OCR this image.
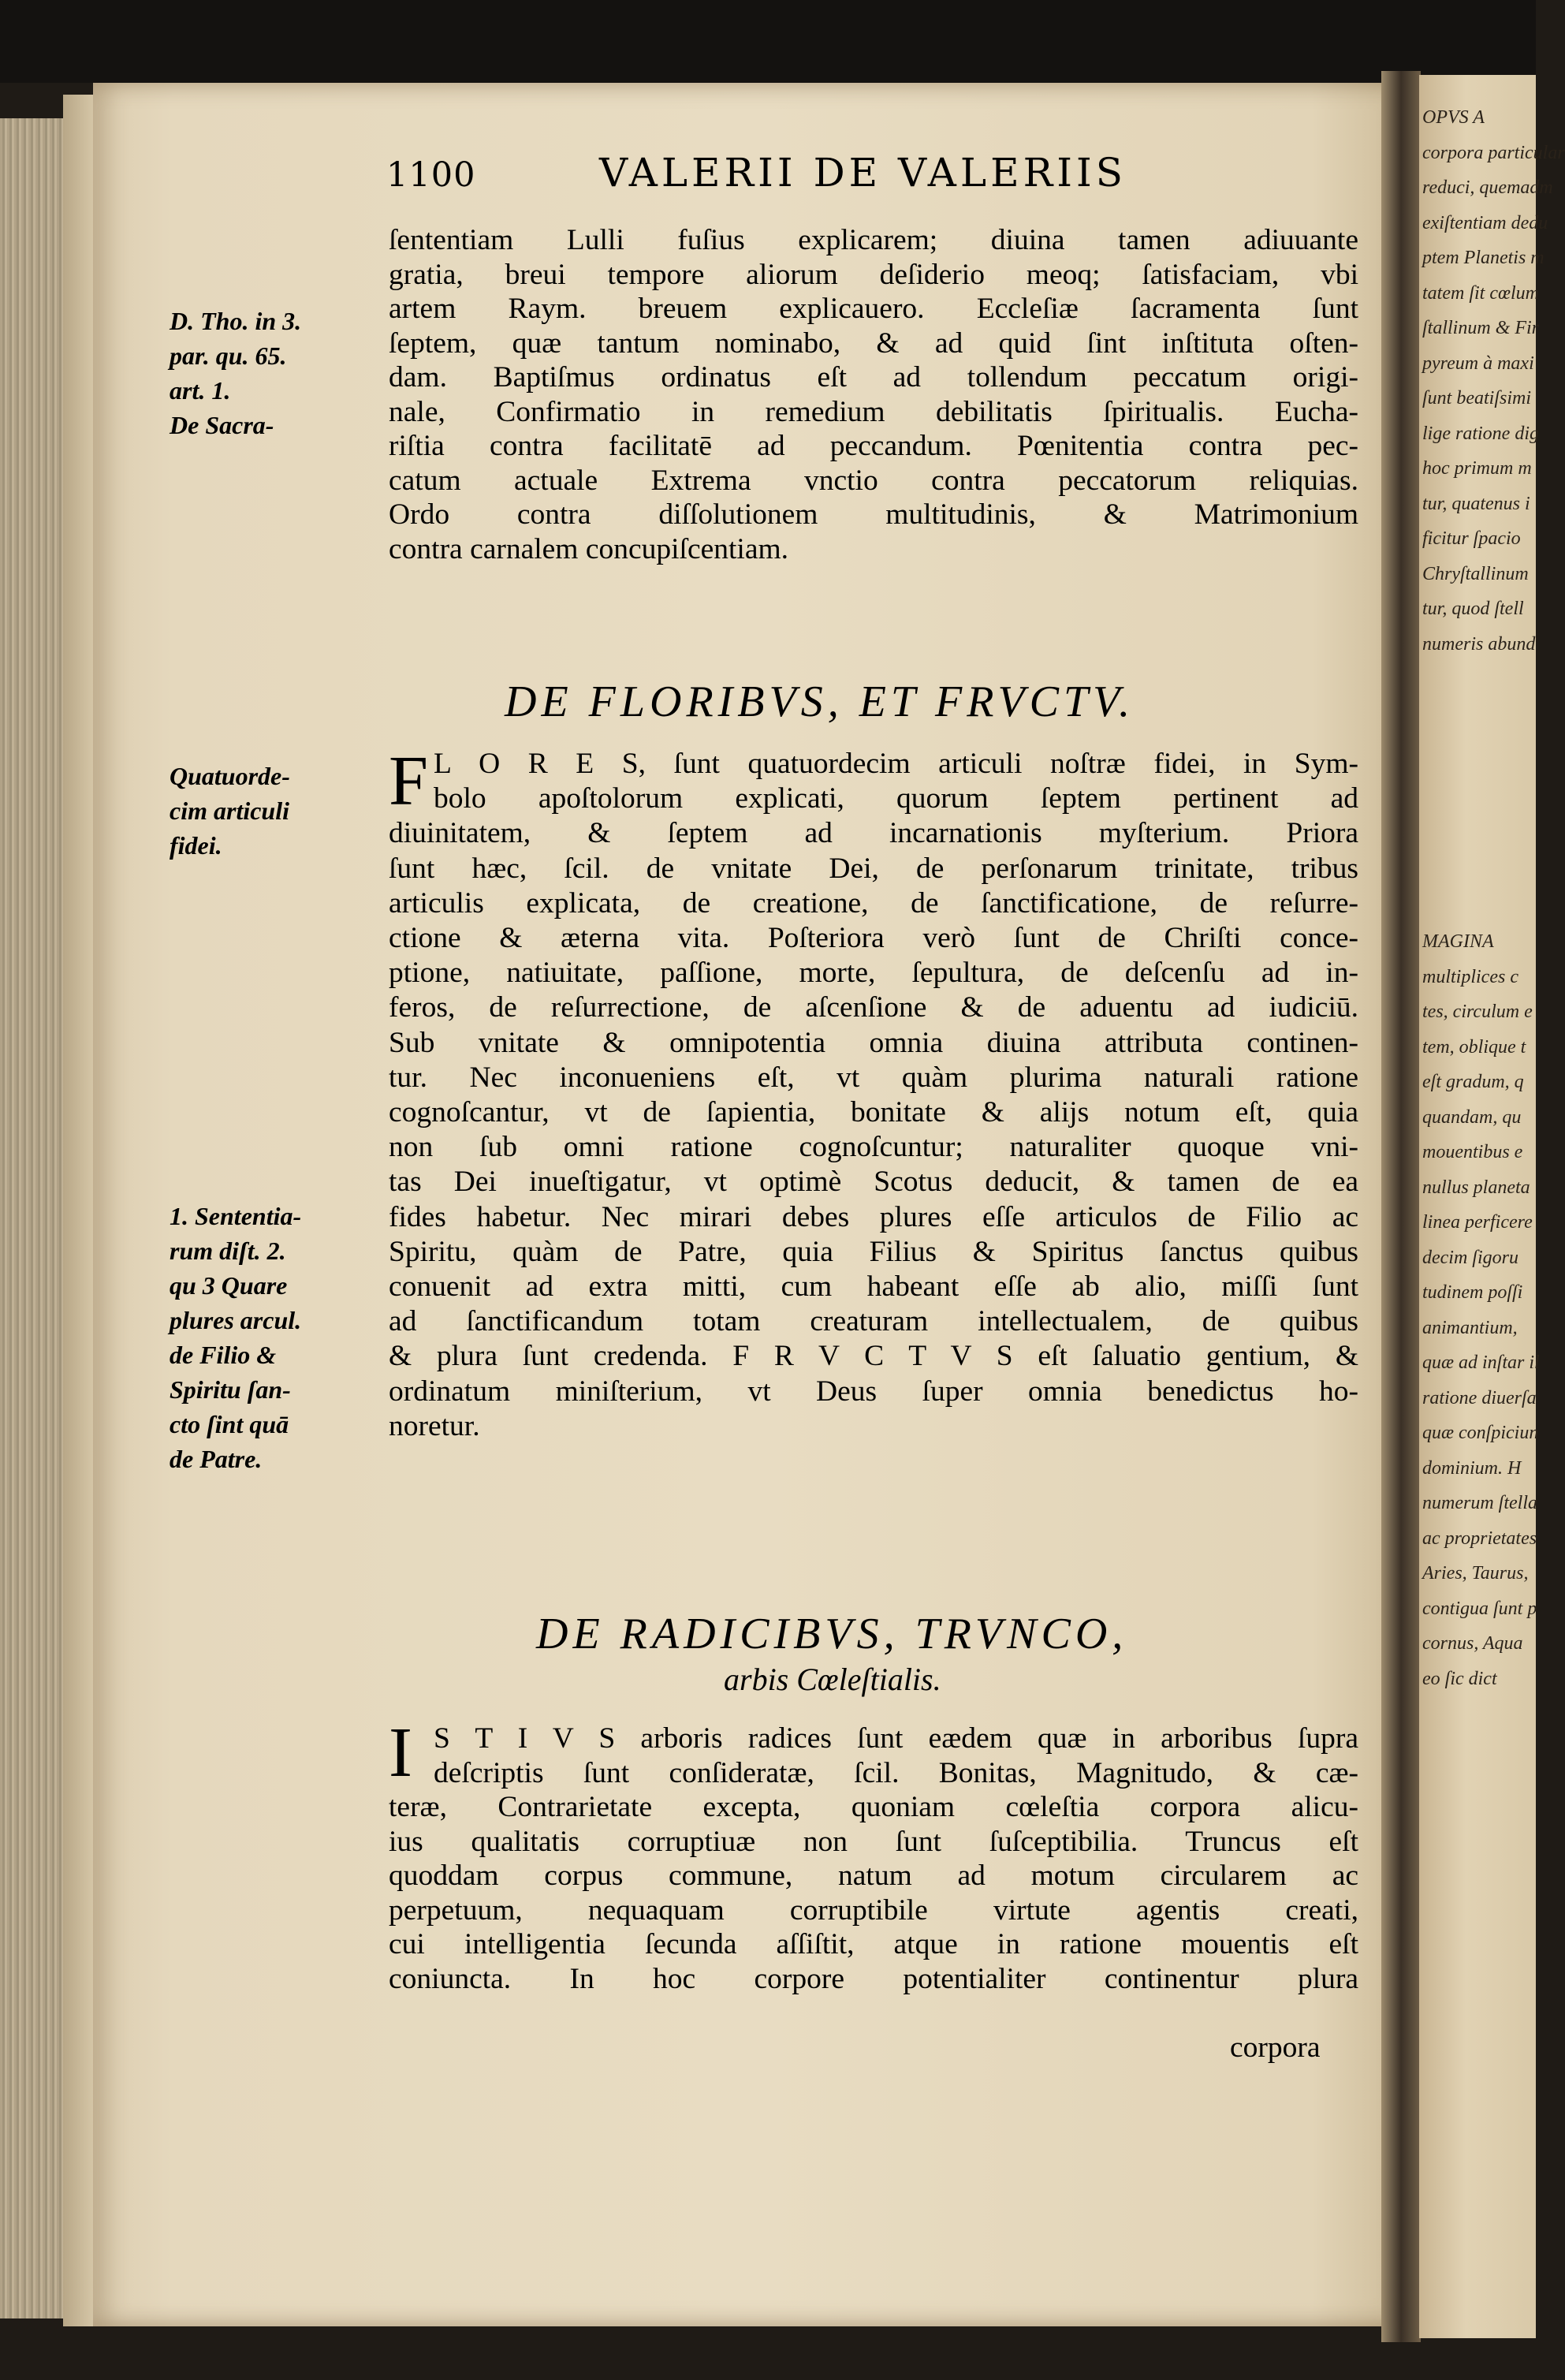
OPVS A
corpora particular
reduci, quemadm
exiſtentiam dedu
ptem Planetis m
tatem ſit cœlum
ſtallinum & Fir
pyreum à maxi
ſunt beatiſsimi
lige ratione dig
hoc primum m
tur, quatenus i
ficitur ſpacio
Chryſtallinum
tur, quod ſtell
numeris abund
MAGINA
multiplices c
tes, circulum e
tem, oblique t
eſt gradum, q
quandam, qu
mouentibus e
nullus planeta
linea perficere
decim ſigoru
tudinem poſſi
animantium,
quæ ad inſtar il
ratione diuerſa
quæ conſpiciun
dominium. H
numerum ſtella
ac proprietates
Aries, Taurus,
contigua ſunt p
cornus, Aqua
eo ſic dict
1100	VALERII DE VALERIIS
ſententiam Lulli fuſius explicarem; diuina tamen adiuuante
gratia, breui tempore aliorum deſiderio meoq; ſatisfaciam, vbi
artem Raym. breuem explicauero. Eccleſiæ ſacramenta ſunt
ſeptem, quæ tantum nominabo, & ad quid ſint inſtituta oſten-
dam. Baptiſmus ordinatus eſt ad tollendum peccatum origi-
nale, Confirmatio in remedium debilitatis ſpiritualis. Eucha-
riſtia contra facilitatē ad peccandum. Pœnitentia contra pec-
catum actuale Extrema vnctio contra peccatorum reliquias.
Ordo contra diſſolutionem multitudinis, & Matrimonium
contra carnalem concupiſcentiam.
DE FLORIBVS, ET FRVCTV.
F L O R E S, ſunt quatuordecim articuli noſtræ fidei, in Sym-
bolo apoſtolorum explicati, quorum ſeptem pertinent ad
diuinitatem, & ſeptem ad incarnationis myſterium. Priora
ſunt hæc, ſcil. de vnitate Dei, de perſonarum trinitate, tribus
articulis explicata, de creatione, de ſanctificatione, de reſurre-
ctione & æterna vita. Poſteriora verò ſunt de Chriſti conce-
ptione, natiuitate, paſſione, morte, ſepultura, de deſcenſu ad in-
feros, de reſurrectione, de aſcenſione & de aduentu ad iudiciū.
Sub vnitate & omnipotentia omnia diuina attributa continen-
tur. Nec inconueniens eſt, vt quàm plurima naturali ratione
cognoſcantur, vt de ſapientia, bonitate & alijs notum eſt, quia
non ſub omni ratione cognoſcuntur; naturaliter quoque vni-
tas Dei inueſtigatur, vt optimè Scotus deducit, & tamen de ea
fides habetur. Nec mirari debes plures eſſe articulos de Filio ac
Spiritu, quàm de Patre, quia Filius & Spiritus ſanctus quibus
conuenit ad extra mitti, cum habeant eſſe ab alio, miſſi ſunt
ad ſanctificandum totam creaturam intellectualem, de quibus
& plura ſunt credenda. F R V C T V S eſt ſaluatio gentium, &
ordinatum miniſterium, vt Deus ſuper omnia benedictus ho-
noretur.
DE RADICIBVS, TRVNCO,
arbis Cœleſtialis.
I S T I V S arboris radices ſunt eædem quæ in arboribus ſupra
deſcriptis ſunt conſideratæ, ſcil. Bonitas, Magnitudo, & cæ-
teræ, Contrarietate excepta, quoniam cœleſtia corpora alicu-
ius qualitatis corruptiuæ non ſunt ſuſceptibilia. Truncus eſt
quoddam corpus commune, natum ad motum circularem ac
perpetuum, nequaquam corruptibile virtute agentis creati,
cui intelligentia ſecunda aſſiſtit, atque in ratione mouentis eſt
coniuncta. In hoc corpore potentialiter continentur plura
corpora
D. Tho. in 3.
par. qu. 65.
art. 1.
De Sacra-
Quatuorde-
cim articuli
fidei.
1. Sententia-
rum diſt. 2.
qu 3 Quare
plures arcul.
de Filio &
Spiritu ſan-
cto ſint quā
de Patre.
